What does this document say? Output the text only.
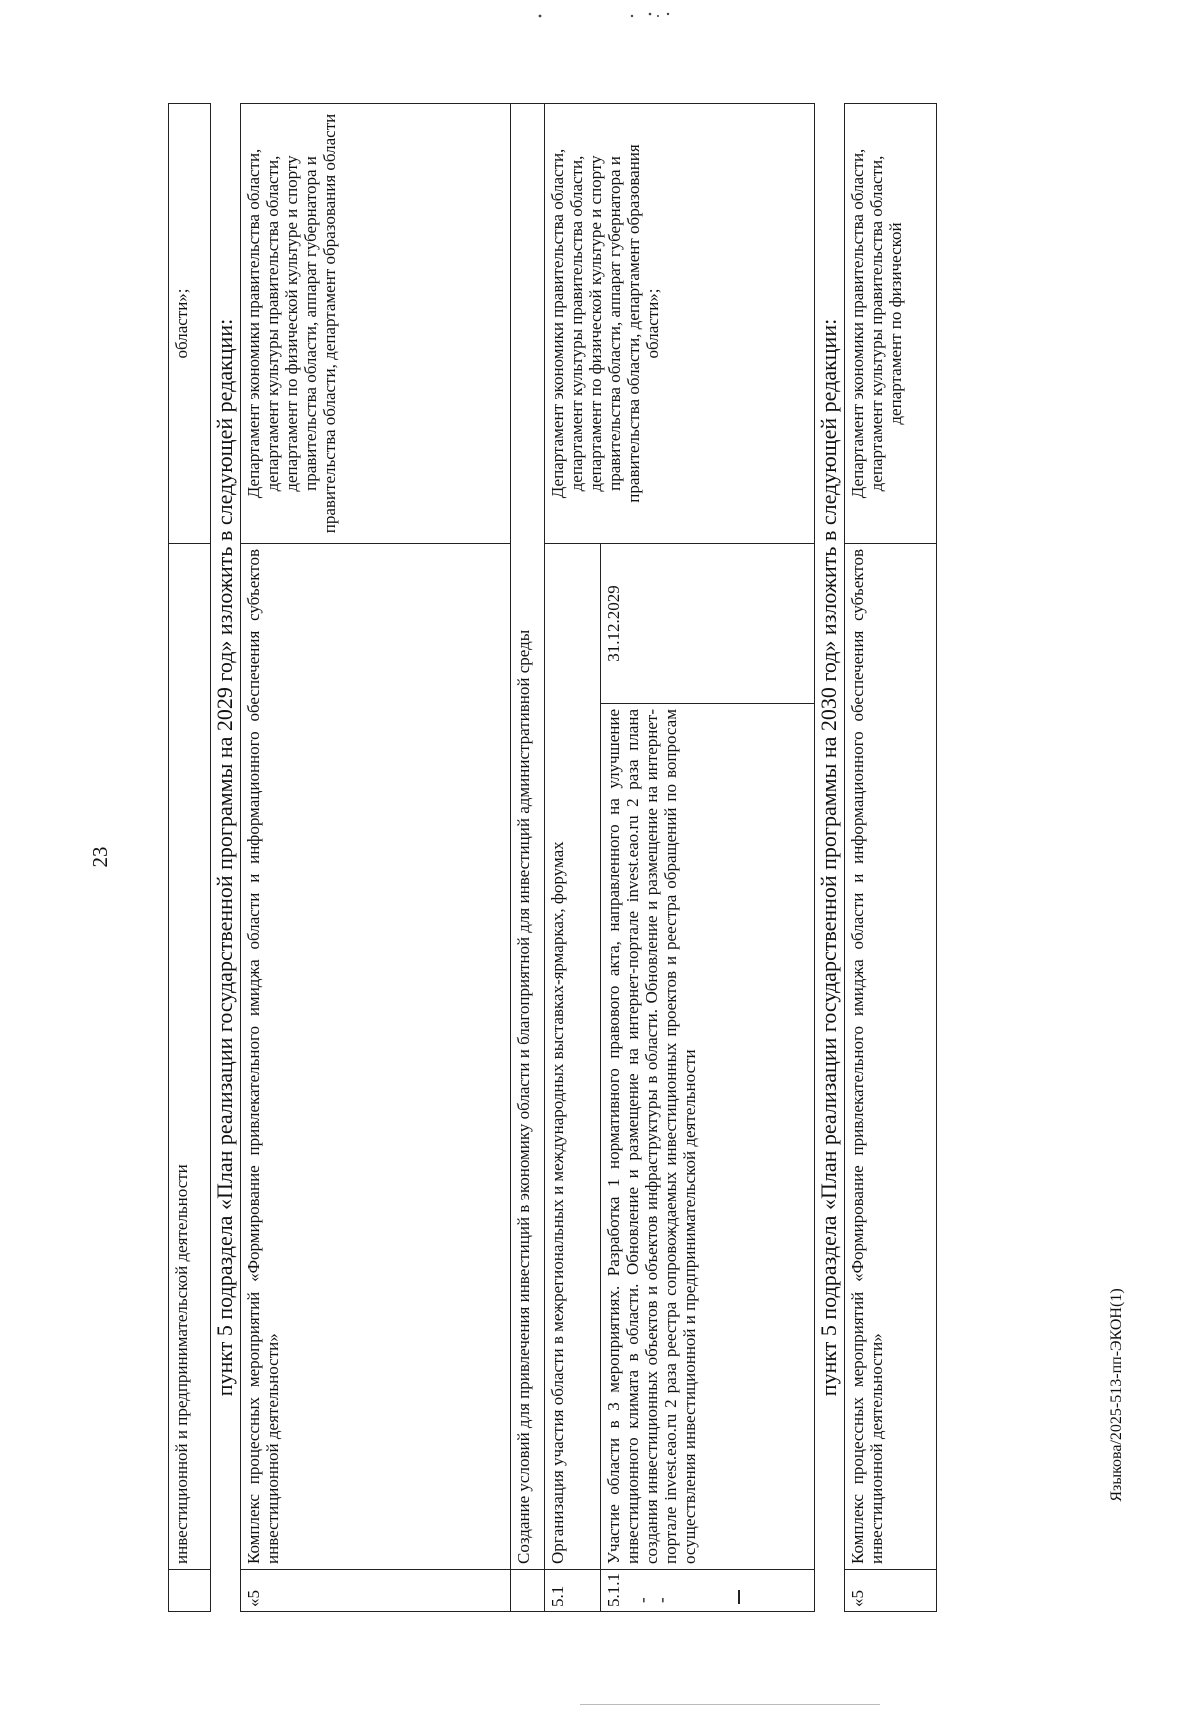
23
	инвестиционной и предпринимательской деятельности		области»;
пункт 5 подраздела «План реализации государственной программы на 2029 год» изложить в следующей редакции:			
«5	Комплекс процессных мероприятий «Формирование привлекательного имиджа области и информационного обеспечения субъектов инвестиционной деятельности»		Департамент экономики правительства области, департамент культуры правительства области, департамент по физической культуре и спорту правительства области, аппарат губернатора и правительства области, департамент образования области
	Создание условий для привлечения инвестиций в экономику области и благоприятной для инвестиций административной среды		
5.1	Организация участия области в межрегиональных и международных выставках-ярмарках, форумах		Департамент экономики правительства области, департамент культуры правительства области, департамент по физической культуре и спорту правительства области, аппарат губернатора и правительства области, департамент образования области»;
5.1.1 - -	Участие области в 3 мероприятиях. Разработка 1 нормативного правового акта, направленного на улучшение инвестиционного климата в области. Обновление и размещение на интернет-портале invest.eao.ru 2 раза плана создания инвестиционных объектов и объектов инфраструктуры в области. Обновление и размещение на интернет-портале invest.eao.ru 2 раза реестра сопровождаемых инвестиционных проектов и реестра обращений по вопросам осуществления инвестиционной и предпринимательской деятельности	31.12.2029	
пункт 5 подраздела «План реализации государственной программы на 2030 год» изложить в следующей редакции:			
«5	Комплекс процессных мероприятий «Формирование привлекательного имиджа области и информационного обеспечения субъектов инвестиционной деятельности»		Департамент экономики правительства области, департамент культуры правительства области, департамент по физической
Языкова/2025-513-пп-ЭКОН(1)
